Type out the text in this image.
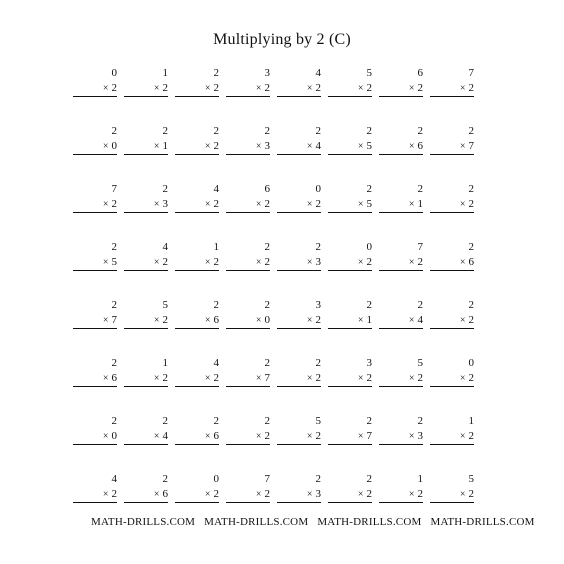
Multiplying by 2 (C)
0
× 2
1
× 2
2
× 2
3
× 2
4
× 2
5
× 2
6
× 2
7
× 2
2
× 0
2
× 1
2
× 2
2
× 3
2
× 4
2
× 5
2
× 6
2
× 7
7
× 2
2
× 3
4
× 2
6
× 2
0
× 2
2
× 5
2
× 1
2
× 2
2
× 5
4
× 2
1
× 2
2
× 2
2
× 3
0
× 2
7
× 2
2
× 6
2
× 7
5
× 2
2
× 6
2
× 0
3
× 2
2
× 1
2
× 4
2
× 2
2
× 6
1
× 2
4
× 2
2
× 7
2
× 2
3
× 2
5
× 2
0
× 2
2
× 0
2
× 4
2
× 6
2
× 2
5
× 2
2
× 7
2
× 3
1
× 2
4
× 2
2
× 6
0
× 2
7
× 2
2
× 3
2
× 2
1
× 2
5
× 2
MATH-DRILLS.COM MATH-DRILLS.COM MATH-DRILLS.COM MATH-DRILLS.COM
